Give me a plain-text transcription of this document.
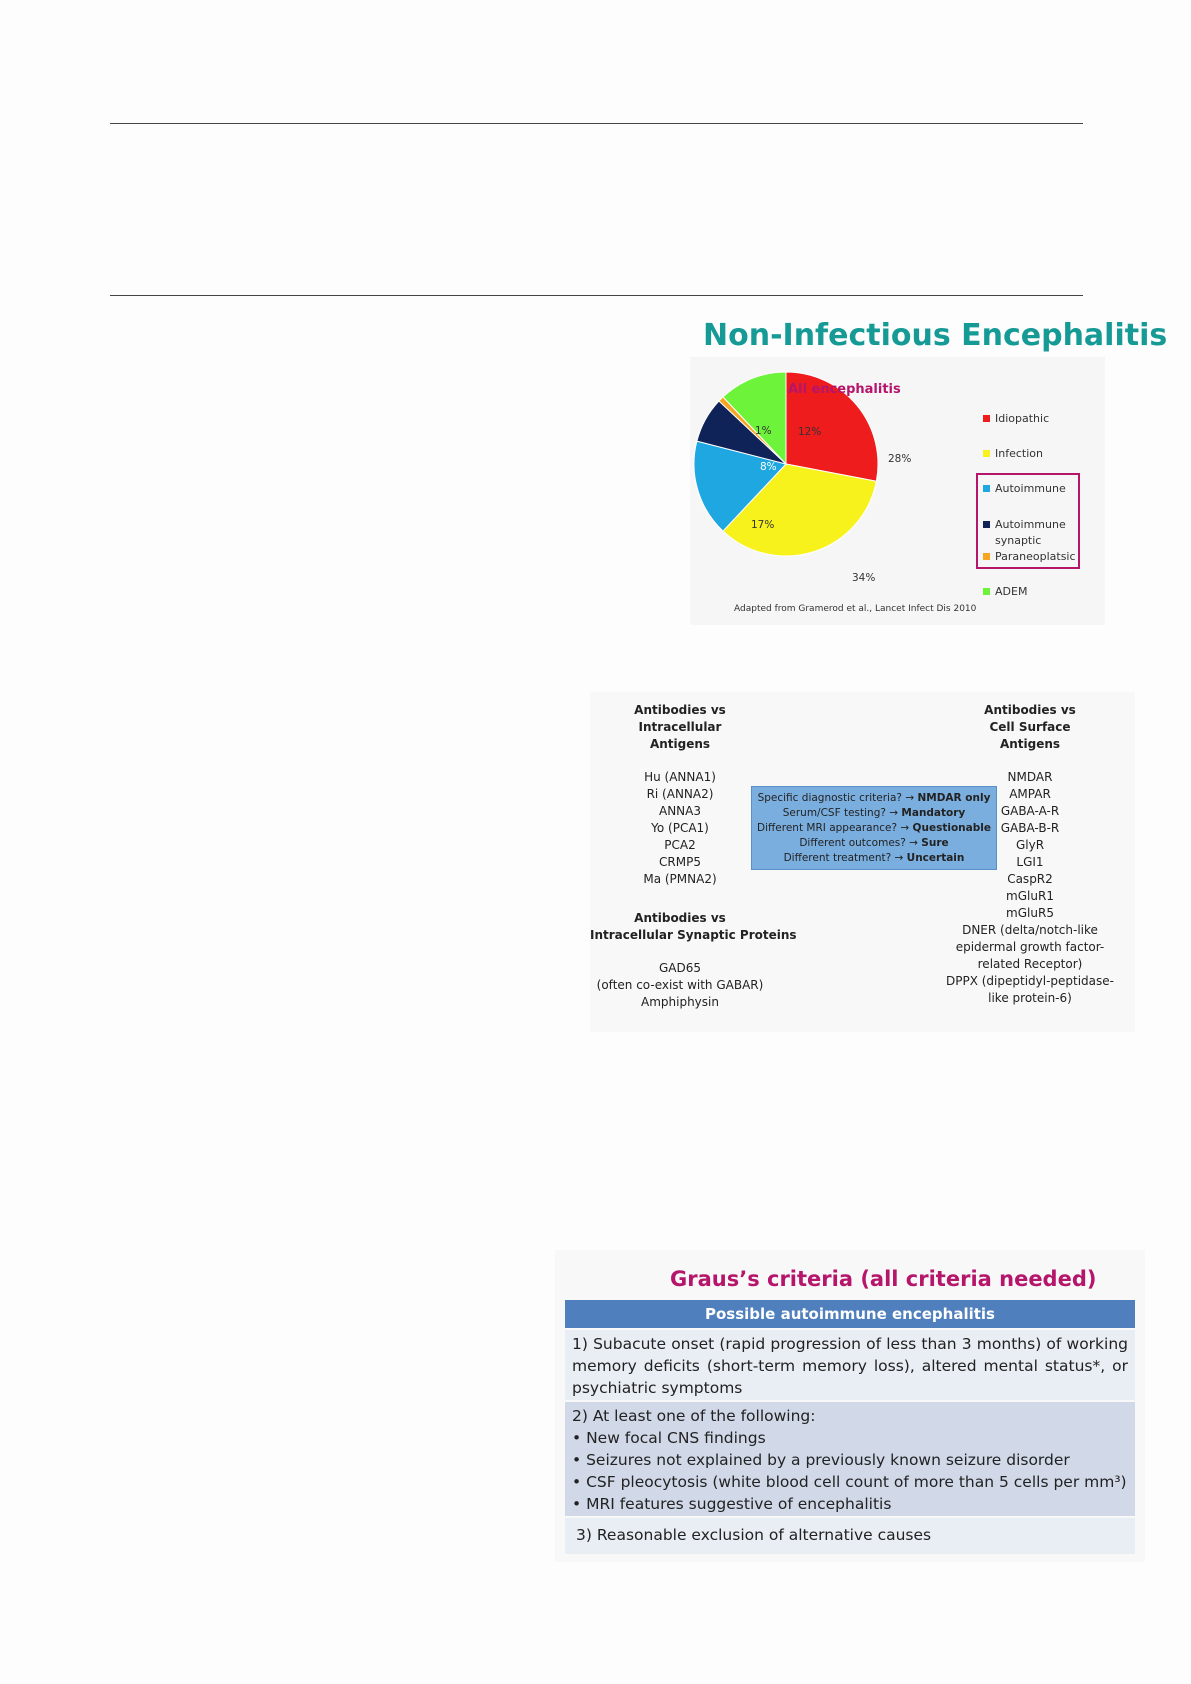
Non-Infectious Encephalitis
All encephalitis
28%
34%
17%
8%
1%	12%
Idiopathic
Infection
Autoimmune
Autoimmune synaptic
Paraneoplatsic
ADEM
Adapted from Gramerod et al., Lancet Infect Dis 2010
Antibodies vs
Intracellular
Antigens
Hu (ANNA1)
Ri (ANNA2)
ANNA3
Yo (PCA1)
PCA2
CRMP5
Ma (PMNA2)
Antibodies vs
Intracellular Synaptic Proteins
GAD65
(often co-exist with GABAR)
Amphiphysin
Specific diagnostic criteria? → NMDAR only
Serum/CSF testing? → Mandatory
Different MRI appearance? → Questionable
Different outcomes? → Sure
Different treatment? → Uncertain
Antibodies vs
Cell Surface
Antigens
NMDAR
AMPAR
GABA-A-R
GABA-B-R
GlyR
LGI1
CaspR2
mGluR1
mGluR5
DNER (delta/notch-like
epidermal growth factor-
related Receptor)
DPPX (dipeptidyl-peptidase-
like protein-6)
Graus’s criteria (all criteria needed)
Possible autoimmune encephalitis
1) Subacute onset (rapid progression of less than 3 months) of working memory deficits (short-term memory loss), altered mental status*, or psychiatric symptoms
2) At least one of the following:
• New focal CNS findings
• Seizures not explained by a previously known seizure disorder
• CSF pleocytosis (white blood cell count of more than 5 cells per mm³)
• MRI features suggestive of encephalitis
3) Reasonable exclusion of alternative causes
